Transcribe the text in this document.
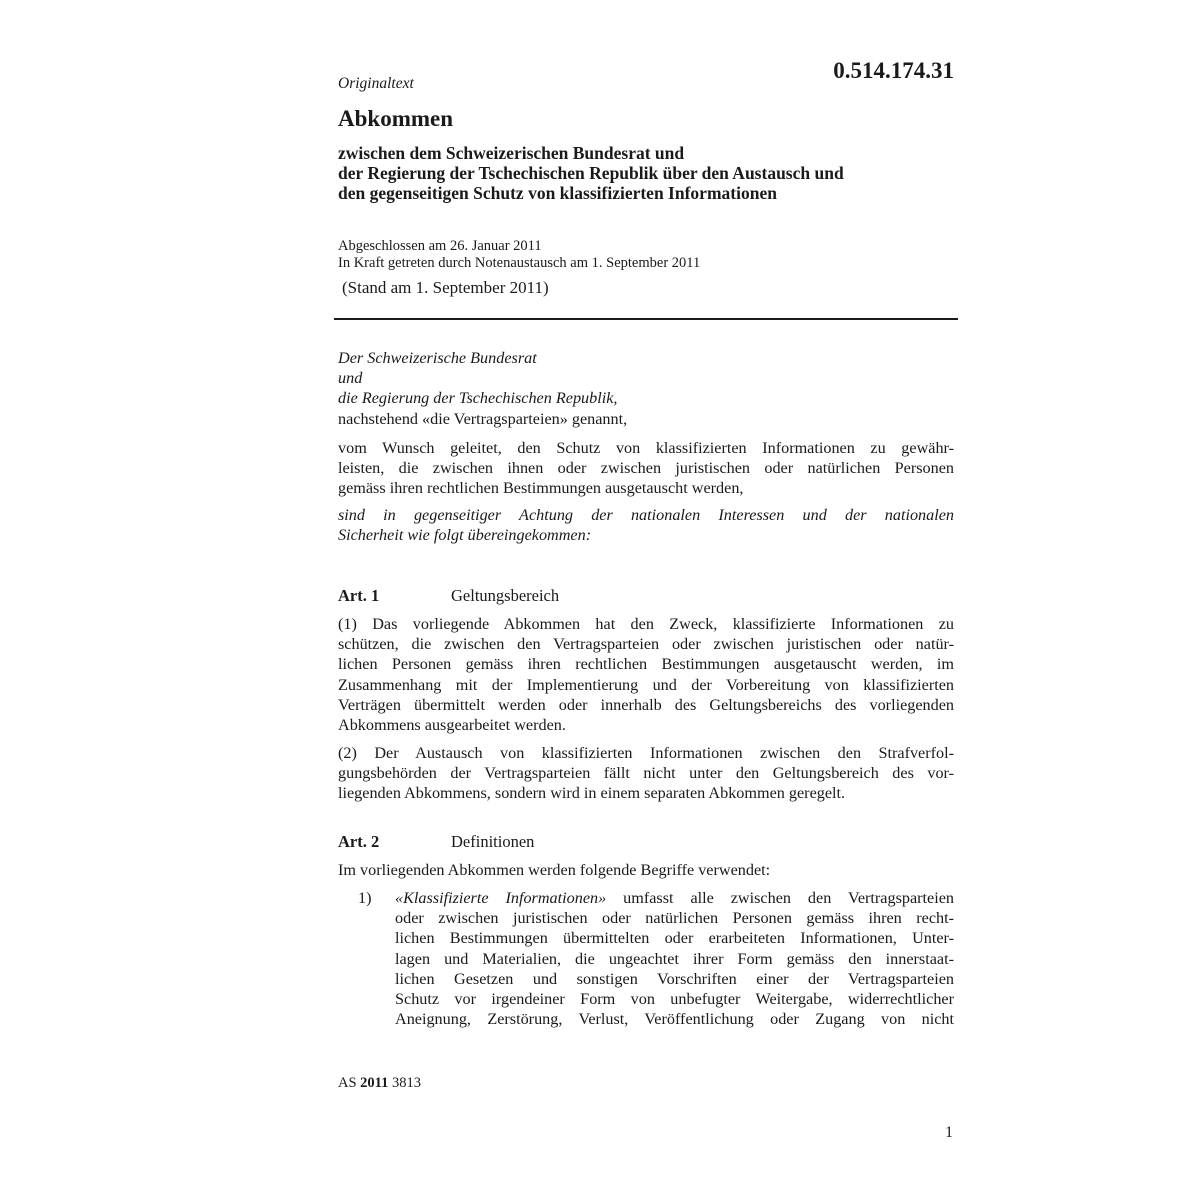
0.514.174.31
Originaltext
Abkommen
zwischen dem Schweizerischen Bundesrat und
der Regierung der Tschechischen Republik über den Austausch und
den gegenseitigen Schutz von klassifizierten Informationen
Abgeschlossen am 26. Januar 2011
In Kraft getreten durch Notenaustausch am 1. September 2011
(Stand am 1. September 2011)
Der Schweizerische Bundesrat
und
die Regierung der Tschechischen Republik,
nachstehend «die Vertragsparteien» genannt,
vom Wunsch geleitet, den Schutz von klassifizierten Informationen zu gewähr-
leisten, die zwischen ihnen oder zwischen juristischen oder natürlichen Personen
gemäss ihren rechtlichen Bestimmungen ausgetauscht werden,
sind in gegenseitiger Achtung der nationalen Interessen und der nationalen
Sicherheit wie folgt übereingekommen:
Art. 1	Geltungsbereich
(1) Das vorliegende Abkommen hat den Zweck, klassifizierte Informationen zu
schützen, die zwischen den Vertragsparteien oder zwischen juristischen oder natür-
lichen Personen gemäss ihren rechtlichen Bestimmungen ausgetauscht werden, im
Zusammenhang mit der Implementierung und der Vorbereitung von klassifizierten
Verträgen übermittelt werden oder innerhalb des Geltungsbereichs des vorliegenden
Abkommens ausgearbeitet werden.
(2) Der Austausch von klassifizierten Informationen zwischen den Strafverfol-
gungsbehörden der Vertragsparteien fällt nicht unter den Geltungsbereich des vor-
liegenden Abkommens, sondern wird in einem separaten Abkommen geregelt.
Art. 2	Definitionen
Im vorliegenden Abkommen werden folgende Begriffe verwendet:
1) «Klassifizierte Informationen» umfasst alle zwischen den Vertragsparteien
oder zwischen juristischen oder natürlichen Personen gemäss ihren recht-
lichen Bestimmungen übermittelten oder erarbeiteten Informationen, Unter-
lagen und Materialien, die ungeachtet ihrer Form gemäss den innerstaat-
lichen Gesetzen und sonstigen Vorschriften einer der Vertragsparteien
Schutz vor irgendeiner Form von unbefugter Weitergabe, widerrechtlicher
Aneignung, Zerstörung, Verlust, Veröffentlichung oder Zugang von nicht
AS 2011 3813
1
